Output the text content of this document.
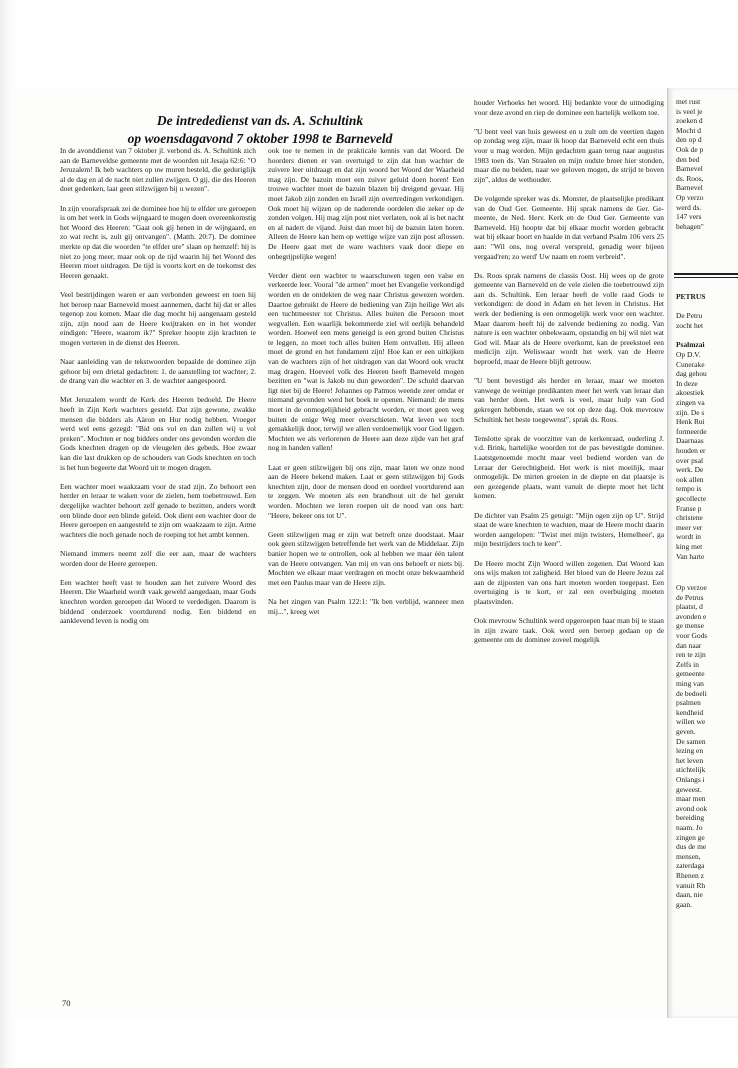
De intrededienst van ds. A. Schultink
op woensdagavond 7 oktober 1998 te Barneveld

In de avonddienst van 7 oktober jl. verbond ds. A. Schultink zich aan de Barneveldse gemeente met de woorden uit Jesaja 62:6: "O Jeruzalem! Ik heb wachters op uw muren besteld, die geduriglijk al de dag en al de nacht niet zullen zwijgen. O gij, die des Heeren doet gedenken, laat geen stilzwijgen bij u wezen".

In zijn voorafspraak zei de dominee hoe hij te elfder ure geroepen is om het werk in Gods wijngaard te mogen doen overeenkomstig het Woord des Heeren: "Gaat ook gij henen in de wijngaard, en zo wat recht is, zult gij ontvangen". (Matth. 20:7). De dominee merkte op dat die woorden "te elfder ure" slaan op hemzelf: hij is niet zo jong meer, maar ook op de tijd waarin hij het Woord des Heeren moet uitdragen. De tijd is voorts kort en de toekomst des Heeren genaakt.

Veel bestrijdingen waren er aan verbonden geweest en toen hij het beroep naar Barneveld moest aannemen, dacht hij dat er alles tegenop zou komen. Maar die dag mocht hij aangenaam gesteld zijn, zijn nood aan de Heere kwijtraken en in het wonder eindigen: "Heere, waarom ik?" Spreker hoopte zijn krachten te mogen verteren in de dienst des Heeren.

Naar aanleiding van de tekstwoorden bepaalde de dominee zijn gehoor bij een drietal gedachten: 1. de aanstelling tot wachter; 2. de drang van die wachter en 3. de wachter aangespoord.

Met Jeruzalem wordt de Kerk des Heeren bedoeld. De Heere heeft in Zijn Kerk wachters gesteld. Dat zijn gewone, zwakke mensen die bidders als Aäron en Hur nodig hebben. Vroeger werd wel eens gezegd: "Bid ons vol en dan zullen wij u vol preken". Mochten er nog bidders onder ons gevonden worden die Gods knechten dragen op de vleugelen des gebeds. Hoe zwaar kan die last drukken op de schouders van Gods knechten en toch is het hun begeerte dat Woord uit te mogen dragen.

Een wachter moet waakzaam voor de stad zijn. Zo behoort een herder en leraar te waken voor de zielen, hem toebetrouwd. Een dergelijke wachter behoort zelf genade te bezitten, anders wordt een blinde door een blinde geleid. Ook dient een wachter door de Heere geroepen en aangesteld te zijn om waakzaam te zijn. Arme wachters die noch genade noch de roeping tot het ambt kennen.

Niemand immers neemt zelf die eer aan, maar de wachters worden door de Heere geroepen.

Een wachter heeft vast te houden aan het zuivere Woord des Heeren. Die Waarheid wordt vaak geweld aangedaan, maar Gods knechten worden geroepen dat Woord te verdedigen. Daarom is biddend onderzoek voortdurend nodig. Een biddend en aanklevend leven is nodig om

ook toe te nemen in de prakticale kennis van dat Woord. De hoorders dienen er van overtuigd te zijn dat hun wachter de zuivere leer uitdraagt en dat zijn woord het Woord der Waarheid mag zijn. De bazuin moet een zuiver geluid doen horen! Een trouwe wachter moet de bazuin blazen bij dreigend gevaar. Hij moet Jakob zijn zonden en Israël zijn overtredingen verkondigen. Ook moet hij wijzen op de naderende oordelen die zeker op de zonden volgen. Hij mag zijn post niet verlaten, ook al is het nacht en al nadert de vijand. Juist dan moet hij de bazuin laten horen. Alleen de Heere kan hem op wettige wijze van zijn post aflossen. De Heere gaat met de ware wachters vaak door diepe en onbegrijpelijke wegen!

Verder dient een wachter te waarschuwen tegen een valse en verkeerde leer. Vooral "de armen" moet het Evangelie verkondigd worden en de ontdekten de weg naar Christus gewezen worden. Daartoe gebruikt de Heere de bediening van Zijn heilige Wet als een tuchtmeester tot Christus. Alles buiten die Persoon moet wegvallen. Een waarlijk bekommerde ziel wil eerlijk behandeld worden. Hoewel een mens geneigd is een grond buiten Christus te leggen, zo moet toch alles buiten Hem ontvallen. Hij alleen moet de grond en het fundament zijn! Hoe kan er een uitkijken van de wachters zijn of het uitdragen van dat Woord ook vrucht mag dragen. Hoeveel volk des Heeren heeft Barneveld mogen bezitten en "wat is Jakob nu dun geworden". De schuld daarvan ligt niet bij de Heere! Johannes op Patmos weende zeer omdat er niemand gevonden werd het boek te openen. Niemand: de mens moet in de onmogelijkheid gebracht worden, er moet geen weg buiten de enige Weg meer overschieten. Wat leven we toch gemakkelijk door, terwijl we allen verdoemelijk voor God liggen. Mochten we als verlorenen de Heere aan deze zijde van het graf nog in handen vallen!

Laat er geen stilzwijgen bij ons zijn, maar laten we onze nood aan de Heere bekend maken. Laat er geen stilzwijgen bij Gods knechten zijn, door de mensen dood en oordeel voortdurend aan te zeggen. We moeten als een brandhout uit de hel gerukt worden. Mochten we leren roepen uit de nood van ons hart: "Heere, bekeer ons tot U".

Geen stilzwijgen mag er zijn wat betreft onze doodstaat. Maar ook geen stilzwijgen betreffende het werk van de Middelaar. Zijn banier hopen we te ontrollen, ook al hebben we maar één talent van de Heere ontvangen. Van mij en van ons behoeft er niets bij. Mochten we elkaar maar verdragen en mocht onze bekwaamheid met een Paulus maar van de Heere zijn.

Na het zingen van Psalm 122:1: "Ik ben verblijd, wanneer men mij...", kreeg wet

houder Verhoeks het woord. Hij bedankte voor de uitnodiging voor deze avond en riep de dominee een hartelijk welkom toe.

"U bent veel van huis geweest en u zult om de veertien dagen op zondag weg zijn, maar ik hoop dat Barneveld echt een thuis voor u mag worden. Mijn gedachten gaan terug naar augustus 1983 toen ds. Van Straalen en mijn oudste broer hier stonden, maar die nu beiden, naar we geloven mogen, de strijd te boven zijn", aldus de wethouder.

De volgende spreker was ds. Monster, de plaatselijke predikant van de Oud Ger. Gemeente. Hij sprak namens de Ger. Gemeente, de Ned. Herv. Kerk en de Oud Ger. Gemeente van Barneveld. Hij hoopte dat bij elkaar mocht worden gebracht wat bij elkaar hoort en haalde in dat verband Psalm 106 vers 25 aan: "Wil ons, nog overal verspreid, genadig weer bijeen vergaad'ren; zo werd' Uw naam en roem verbreid".

Ds. Roos sprak namens de classis Oost. Hij wees op de grote gemeente van Barneveld en de vele zielen die toebetrouwd zijn aan ds. Schultink. Een leraar heeft de volle raad Gods te verkondigen: de dood in Adam en het leven in Christus. Het werk der bediening is een onmogelijk werk voor een wachter. Maar daarom heeft hij de zalvende bediening zo nodig. Van nature is een wachter onbekwaam, opstandig en hij wil niet wat God wil. Maar als de Heere overkomt, kan de preekstoel een medicijn zijn. Weliswaar wordt het werk van de Heere beproefd, maar de Heere blijft getrouw.

"U bent bevestigd als herder en leraar, maar we moeten vanwege de weinige predikanten meer het werk van leraar dan van herder doen. Het werk is veel, maar hulp van God gekregen hebbende, staan we tot op deze dag. Ook mevrouw Schultink het beste toegewenst", sprak ds. Roos.

Tenslotte sprak de voorzitter van de kerkenraad, ouderling J. v.d. Brink, hartelijke woorden tot de pas bevestigde dominee. Laatstgenoemde mocht maar veel bediend worden van de Leraar der Gerechtigheid. Het werk is niet moeilijk, maar onmogelijk. De mirten groeien in de diepte en dat plaatsje is een gezegende plaats, want vanuit de diepte moet het licht komen.

De dichter van Psalm 25 getuigt: "Mijn ogen zijn op U". Strijd staat de ware knechten te wachten, maar de Heere mocht daarin worden aangelopen: "Twist met mijn twisters, Hemelheer', ga mijn bestrijders toch te keer".

De Heere mocht Zijn Woord willen zegenen. Dat Woord kan ons wijs maken tot zaligheid. Het bloed van de Heere Jezus zal aan de zijposten van ons hart moeten worden toegepast. Een overtuiging is te kort, er zal een overbuiging moeten plaatsvinden.

Ook mevrouw Schultink werd opgeroepen haar man bij te staan in zijn zware taak. Ook werd een beroep gedaan op de gemeente om de dominee zoveel mogelijk

70
met rust
is veel je
zoeken d
Mocht d
den op d
Ook de p
den bed
Barnevel
ds. Roos,
Barnevel
Op verzo
werd ds.
147 vers
behagen"
PETRUS
De Petru
zocht het
Psalmzai
Op D.V.
Cunerake
dag gehou
In deze
akoestiek
zingen va
zijn. De s
Henk Rui
formeerde
Daarnaas
houden er
over psal
werk. De
ook allen
tempo is
gecollecte
Franse p
christene
meer ver
wordt in
king met
Van harte
Op verzoe
de Petrus
plaatst, d
avonden e
ge mense
voor Gods
dan naar
ren te zijn
Zelfs in
gemeente
ming van
de bedoeli
psalmen
kendheid
willen we
geven.
De samen
lezing en
het leven
stichtelijk
Onlangs i
geweest.
maar men
avond ook
bereiding
naam. Jo
zingen ge
dus de me
mensen,
zaterdaga
Rhenen z
vanuit Rh
daan, nie
gaan.
